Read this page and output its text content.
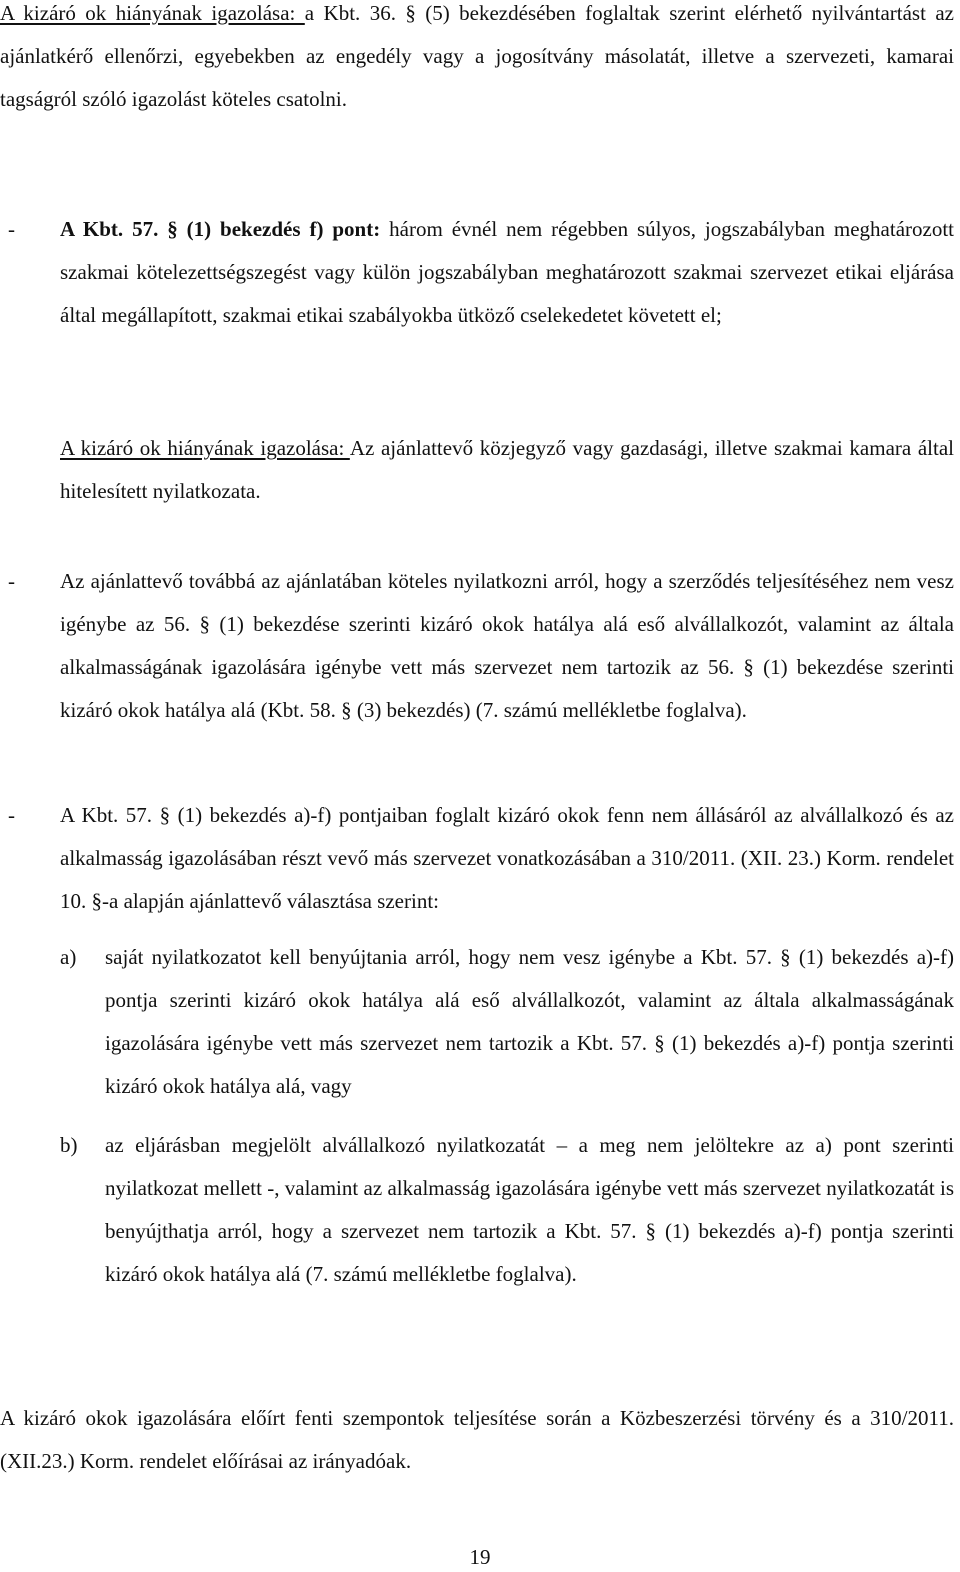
A kizáró ok hiányának igazolása: a Kbt. 36. § (5) bekezdésében foglaltak szerint elérhető nyilvántartást az ajánlatkérő ellenőrzi, egyebekben az engedély vagy a jogosítvány másolatát, illetve a szervezeti, kamarai tagságról szóló igazolást köteles csatolni.

-	A Kbt. 57. § (1) bekezdés f) pont: három évnél nem régebben súlyos, jogszabályban meghatározott szakmai kötelezettségszegést vagy külön jogszabályban meghatározott szakmai szervezet etikai eljárása által megállapított, szakmai etikai szabályokba ütköző cselekedetet követett el;

A kizáró ok hiányának igazolása: Az ajánlattevő közjegyző vagy gazdasági, illetve szakmai kamara által hitelesített nyilatkozata.

-	Az ajánlattevő továbbá az ajánlatában köteles nyilatkozni arról, hogy a szerződés teljesítéséhez nem vesz igénybe az 56. § (1) bekezdése szerinti kizáró okok hatálya alá eső alvállalkozót, valamint az általa alkalmasságának igazolására igénybe vett más szervezet nem tartozik az 56. § (1) bekezdése szerinti kizáró okok hatálya alá (Kbt. 58. § (3) bekezdés) (7. számú mellékletbe foglalva).

-	A Kbt. 57. § (1) bekezdés a)-f) pontjaiban foglalt kizáró okok fenn nem állásáról az alvállalkozó és az alkalmasság igazolásában részt vevő más szervezet vonatkozásában a 310/2011. (XII. 23.) Korm. rendelet 10. §-a alapján ajánlattevő választása szerint:

a)	saját nyilatkozatot kell benyújtania arról, hogy nem vesz igénybe a Kbt. 57. § (1) bekezdés a)-f) pontja szerinti kizáró okok hatálya alá eső alvállalkozót, valamint az általa alkalmasságának igazolására igénybe vett más szervezet nem tartozik a Kbt. 57. § (1) bekezdés a)-f) pontja szerinti kizáró okok hatálya alá, vagy

b)	az eljárásban megjelölt alvállalkozó nyilatkozatát – a meg nem jelöltekre az a) pont szerinti nyilatkozat mellett -, valamint az alkalmasság igazolására igénybe vett más szervezet nyilatkozatát is benyújthatja arról, hogy a szervezet nem tartozik a Kbt. 57. § (1) bekezdés a)-f) pontja szerinti kizáró okok hatálya alá (7. számú mellékletbe foglalva).

A kizáró okok igazolására előírt fenti szempontok teljesítése során a Közbeszerzési törvény és a 310/2011. (XII.23.) Korm. rendelet előírásai az irányadóak.

19
